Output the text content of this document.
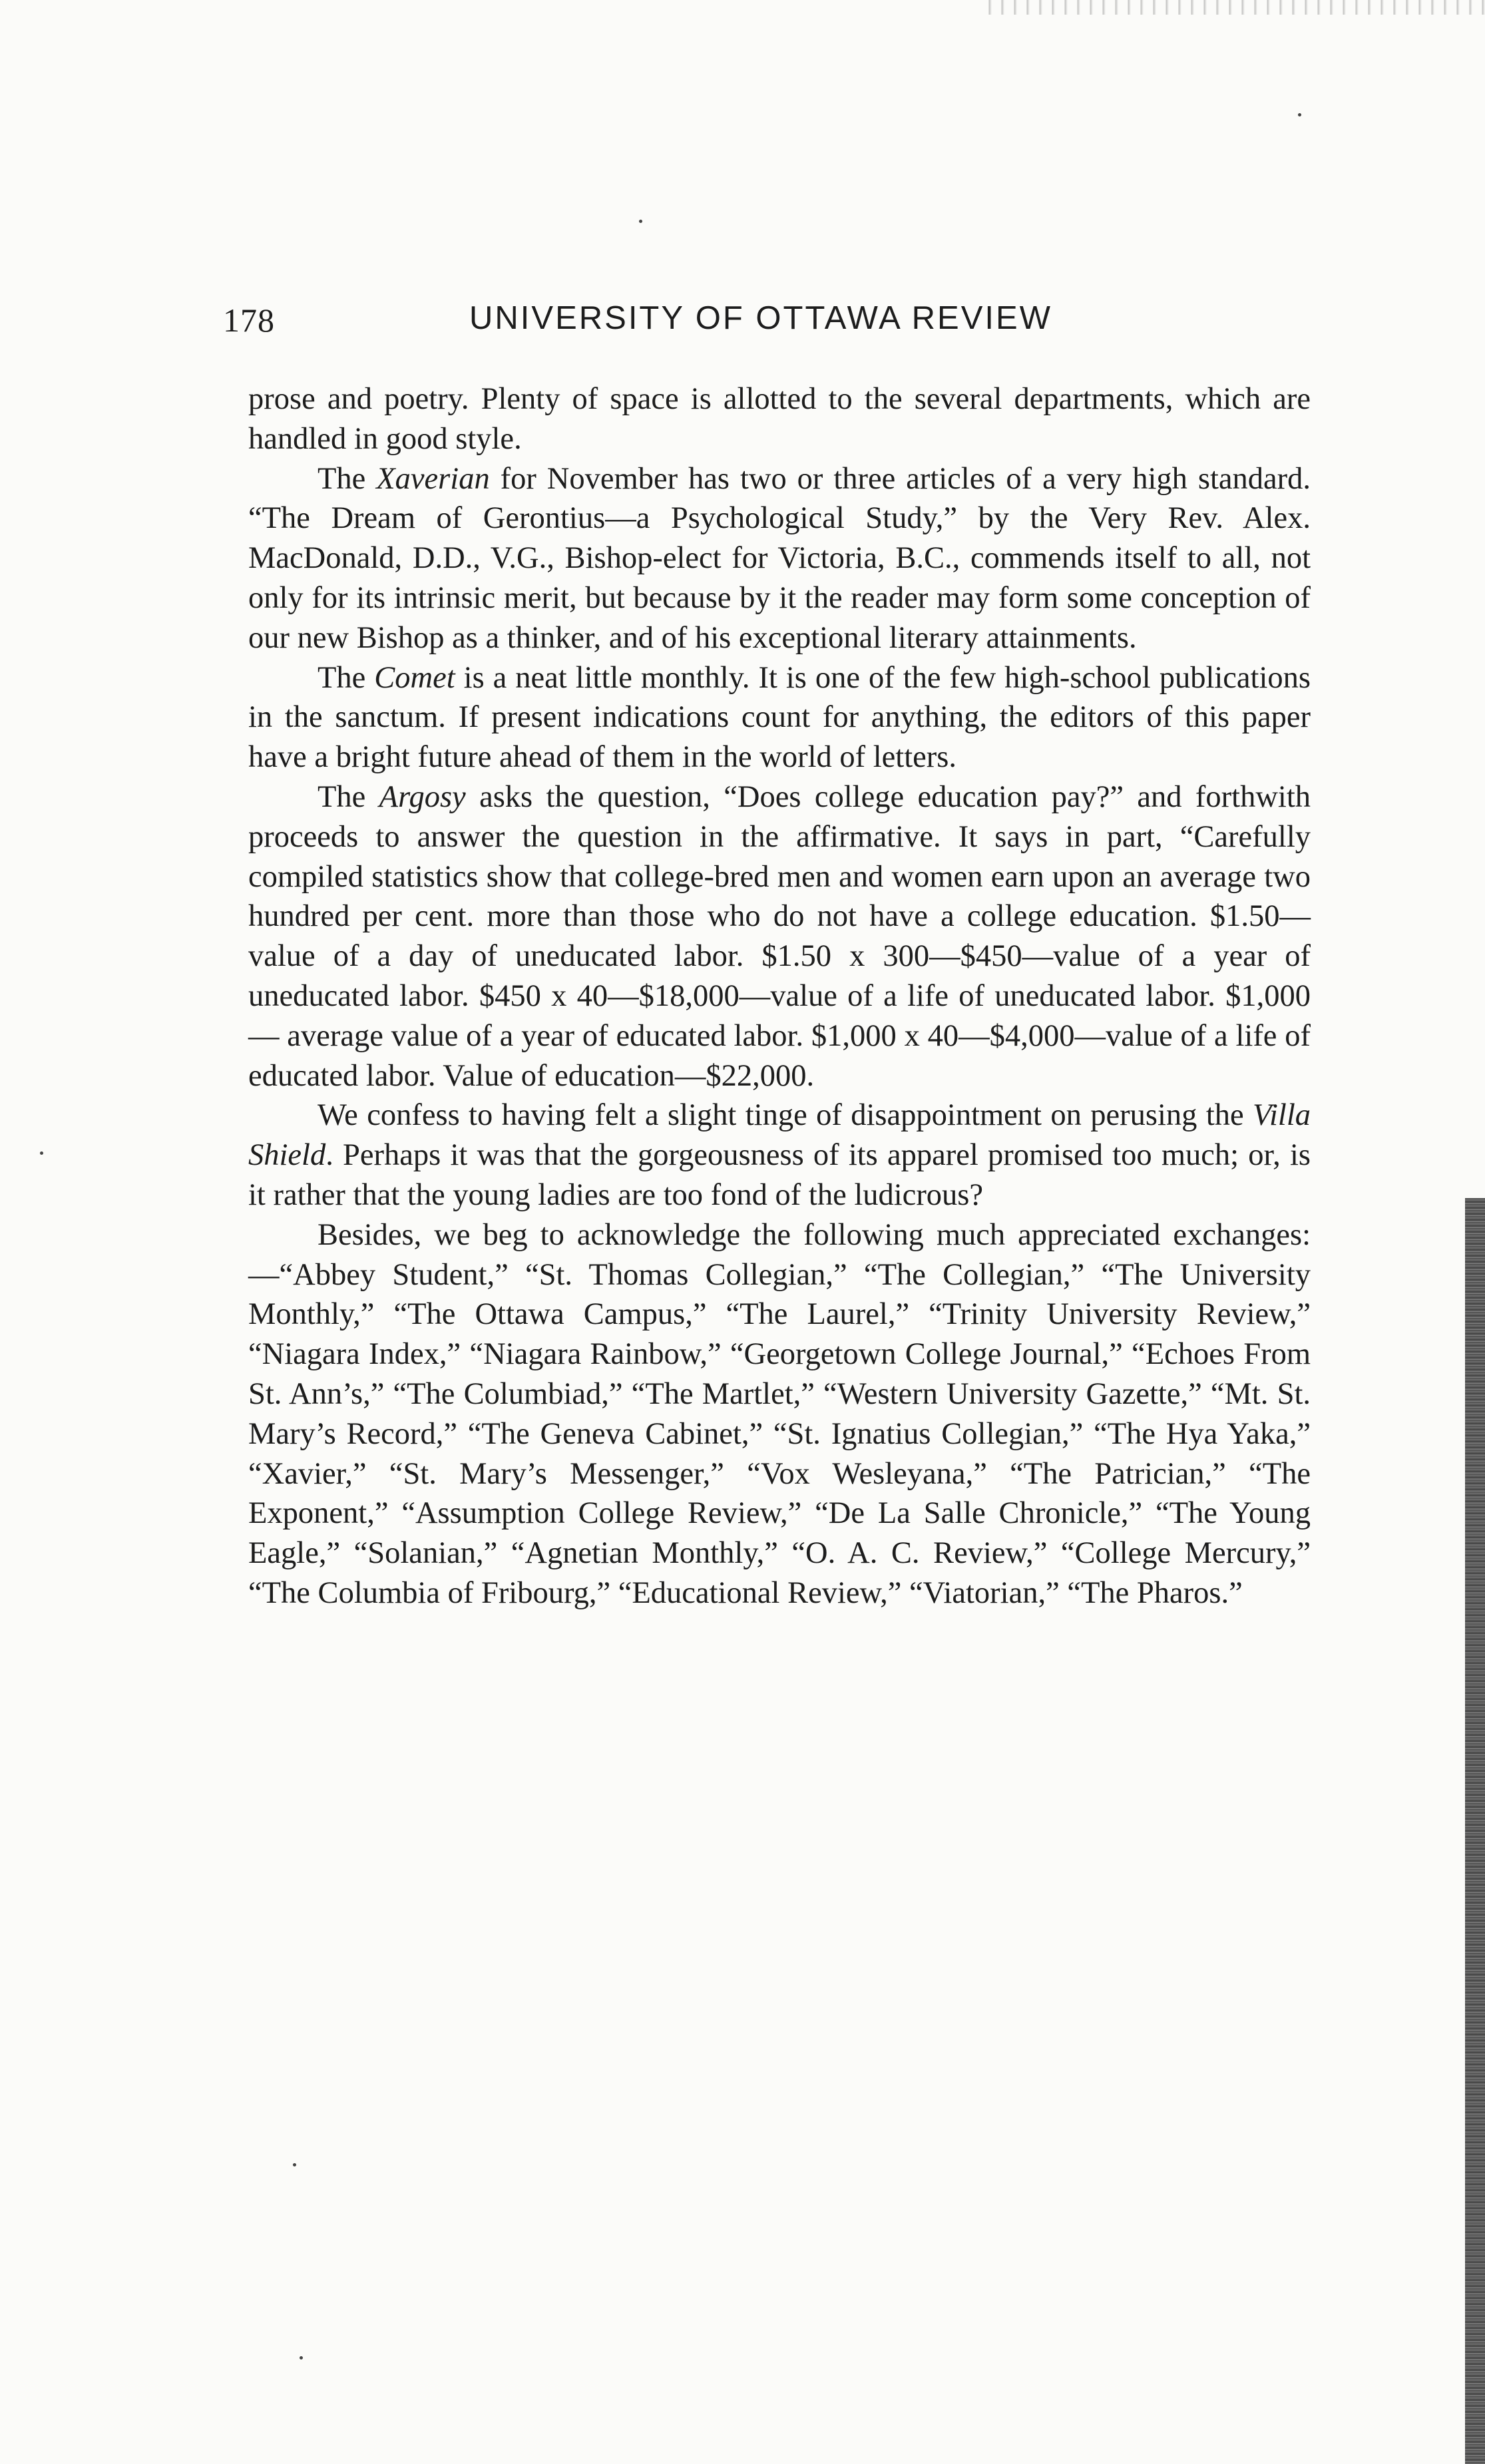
178	UNIVERSITY OF OTTAWA REVIEW

prose and poetry. Plenty of space is allotted to the several departments, which are handled in good style.

The Xaverian for November has two or three articles of a very high standard. “The Dream of Gerontius—a Psychological Study,” by the Very Rev. Alex. MacDonald, D.D., V.G., Bishop-elect for Victoria, B.C., commends itself to all, not only for its intrinsic merit, but because by it the reader may form some conception of our new Bishop as a thinker, and of his exceptional literary attainments.

The Comet is a neat little monthly. It is one of the few high-school publications in the sanctum. If present indications count for anything, the editors of this paper have a bright future ahead of them in the world of letters.

The Argosy asks the question, “Does college education pay?” and forthwith proceeds to answer the question in the affirmative. It says in part, “Carefully compiled statistics show that college-bred men and women earn upon an average two hundred per cent. more than those who do not have a college education. $1.50—value of a day of uneducated labor. $1.50 x 300—$450—value of a year of uneducated labor. $450 x 40—$18,000—value of a life of uneducated labor. $1,000 — average value of a year of educated labor. $1,000 x 40—$4,000—value of a life of educated labor. Value of education—$22,000.

We confess to having felt a slight tinge of disappointment on perusing the Villa Shield. Perhaps it was that the gorgeousness of its apparel promised too much; or, is it rather that the young ladies are too fond of the ludicrous?

Besides, we beg to acknowledge the following much appreciated exchanges:—“Abbey Student,” “St. Thomas Collegian,” “The Collegian,” “The University Monthly,” “The Ottawa Campus,” “The Laurel,” “Trinity University Review,” “Niagara Index,” “Niagara Rainbow,” “Georgetown College Journal,” “Echoes From St. Ann’s,” “The Columbiad,” “The Martlet,” “Western University Gazette,” “Mt. St. Mary’s Record,” “The Geneva Cabinet,” “St. Ignatius Collegian,” “The Hya Yaka,” “Xavier,” “St. Mary’s Messenger,” “Vox Wesleyana,” “The Patrician,” “The Exponent,” “Assumption College Review,” “De La Salle Chronicle,” “The Young Eagle,” “Solanian,” “Agnetian Monthly,” “O. A. C. Review,” “College Mercury,” “The Columbia of Fribourg,” “Educational Review,” “Viatorian,” “The Pharos.”
